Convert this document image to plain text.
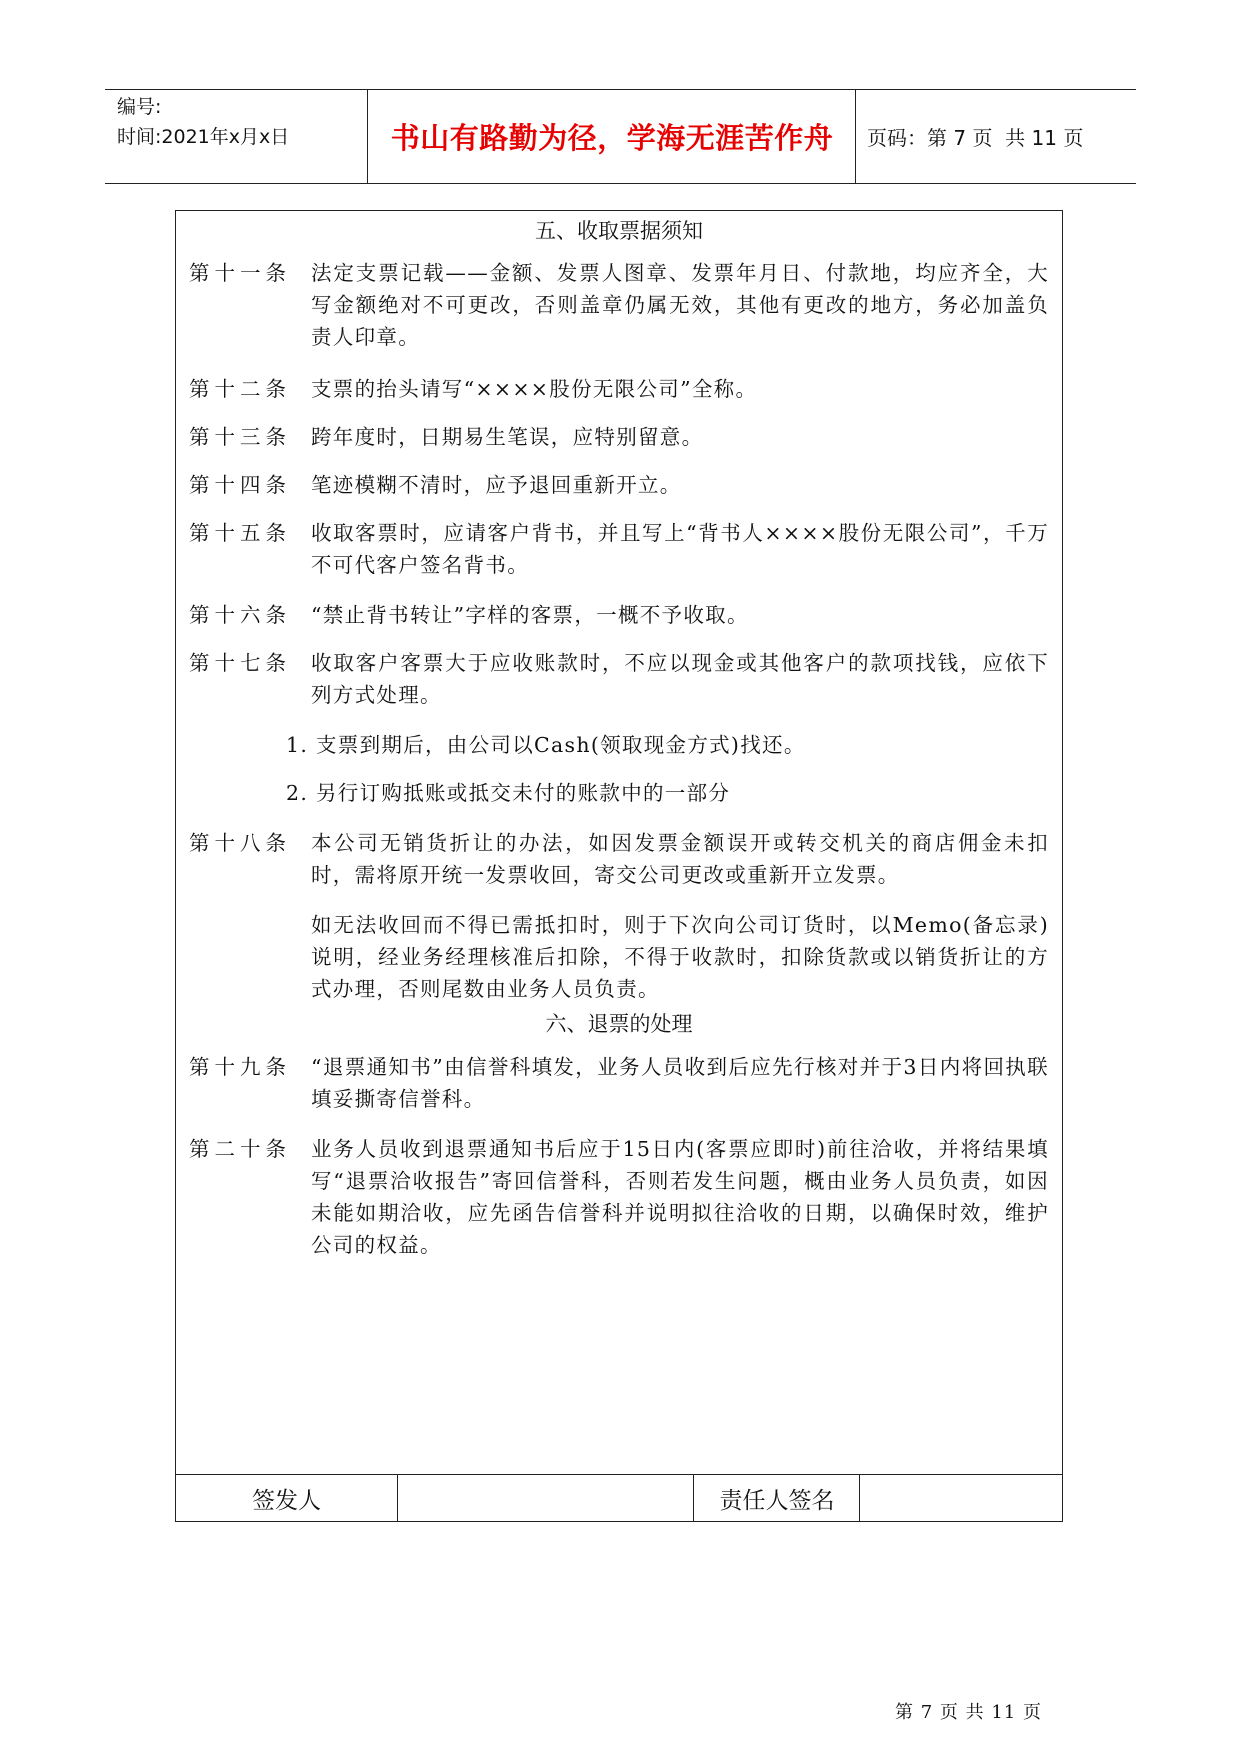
编号:
时间:2021年x月x日	书山有路勤为径，学海无涯苦作舟	页码：第 7 页  共 11 页
五、收取票据须知
第十一条 法定支票记载——金额、发票人图章、发票年月日、付款地，均应齐全，大写金额绝对不可更改，否则盖章仍属无效，其他有更改的地方，务必加盖负责人印章。
第十二条 支票的抬头请写“××××股份无限公司”全称。
第十三条 跨年度时，日期易生笔误，应特别留意。
第十四条 笔迹模糊不清时，应予退回重新开立。
第十五条 收取客票时，应请客户背书，并且写上“背书人××××股份无限公司”，千万不可代客户签名背书。
第十六条 “禁止背书转让”字样的客票，一概不予收取。
第十七条 收取客户客票大于应收账款时，不应以现金或其他客户的款项找钱，应依下列方式处理。
1. 支票到期后，由公司以Cash(领取现金方式)找还。
2. 另行订购抵账或抵交未付的账款中的一部分
第十八条 本公司无销货折让的办法，如因发票金额误开或转交机关的商店佣金未扣时，需将原开统一发票收回，寄交公司更改或重新开立发票。
如无法收回而不得已需抵扣时，则于下次向公司订货时，以Memo(备忘录)说明，经业务经理核准后扣除，不得于收款时，扣除货款或以销货折让的方式办理，否则尾数由业务人员负责。
六、退票的处理
第十九条 “退票通知书”由信誉科填发，业务人员收到后应先行核对并于3日内将回执联填妥撕寄信誉科。
第二十条 业务人员收到退票通知书后应于15日内(客票应即时)前往洽收，并将结果填写“退票洽收报告”寄回信誉科，否则若发生问题，概由业务人员负责，如因未能如期洽收，应先函告信誉科并说明拟往洽收的日期，以确保时效，维护公司的权益。
签发人	责任人签名
第 7 页 共 11 页
